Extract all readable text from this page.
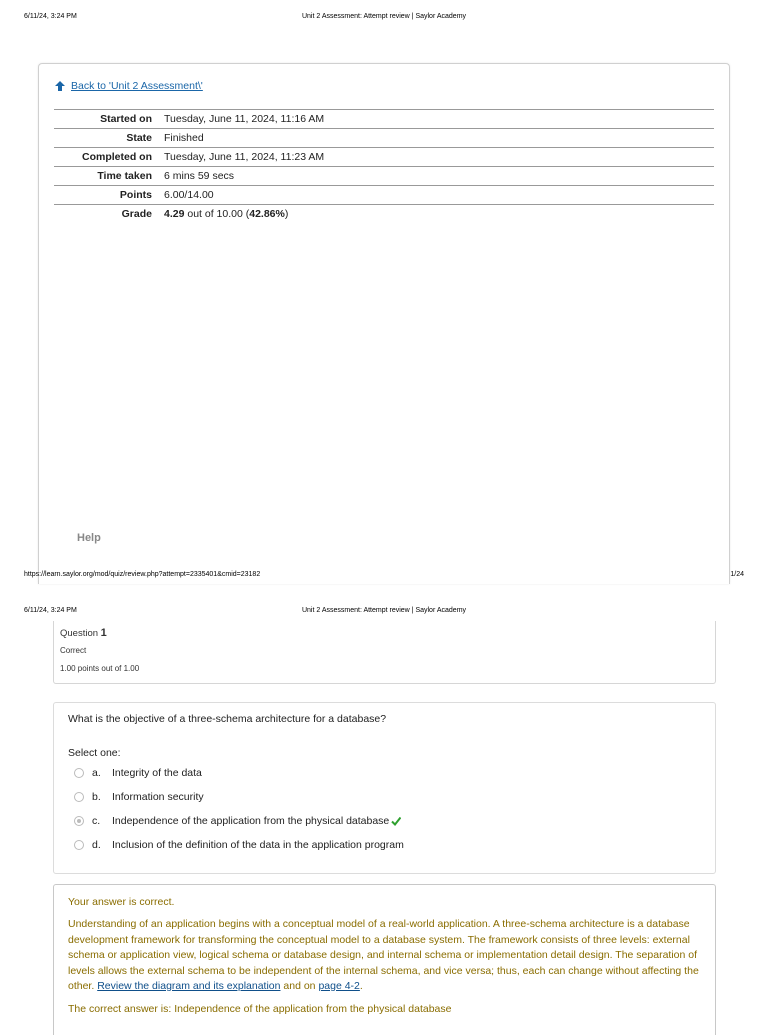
6/11/24, 3:24 PM	Unit 2 Assessment: Attempt review | Saylor Academy
Back to 'Unit 2 Assessment\'
Started on	Tuesday, June 11, 2024, 11:16 AM
State	Finished
Completed on	Tuesday, June 11, 2024, 11:23 AM
Time taken	6 mins 59 secs
Points	6.00/14.00
Grade	4.29 out of 10.00 (42.86%)
Help
https://learn.saylor.org/mod/quiz/review.php?attempt=2335401&cmid=23182	1/24
6/11/24, 3:24 PM	Unit 2 Assessment: Attempt review | Saylor Academy
Question 1
Correct
1.00 points out of 1.00
What is the objective of a three-schema architecture for a database?
Select one:
a.	Integrity of the data
b.	Information security
c.	Independence of the application from the physical database
d.	Inclusion of the definition of the data in the application program

Your answer is correct.

Understanding of an application begins with a conceptual model of a real-world application. A three-schema architecture is a database development framework for transforming the conceptual model to a database system. The framework consists of three levels: external schema or application view, logical schema or database design, and internal schema or implementation detail design. The separation of levels allows the external schema to be independent of the internal schema, and vice versa; thus, each can change without affecting the other. Review the diagram and its explanation and on page 4-2.

The correct answer is: Independence of the application from the physical database
